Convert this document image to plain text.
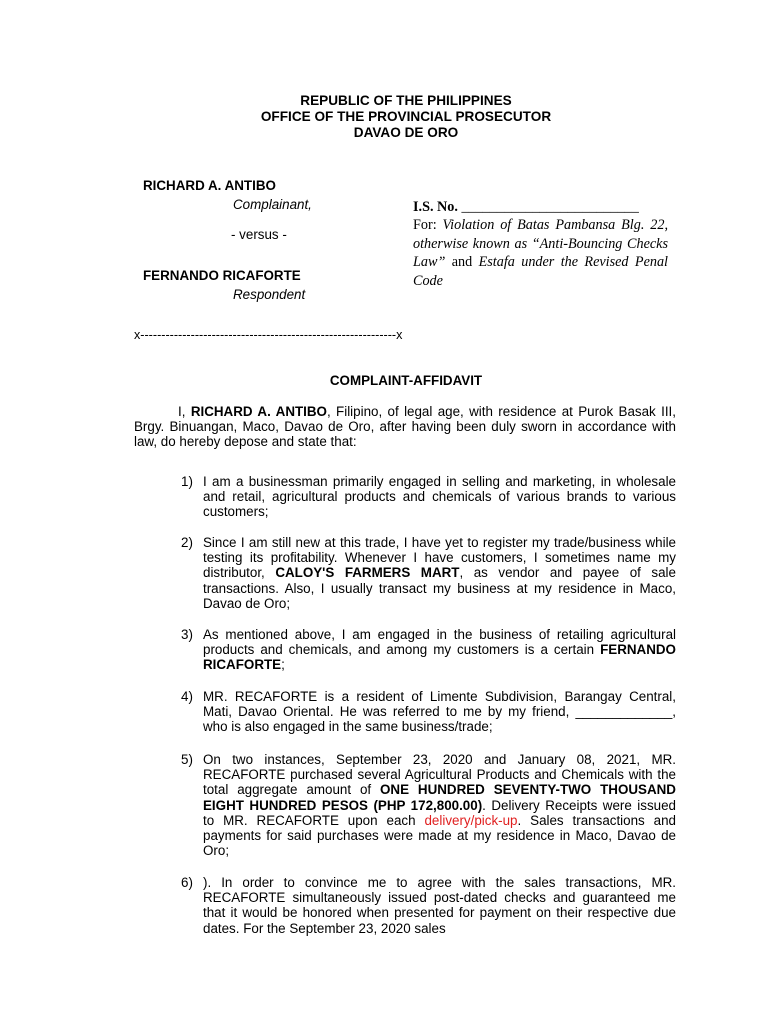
REPUBLIC OF THE PHILIPPINES
OFFICE OF THE PROVINCIAL PROSECUTOR
DAVAO DE ORO
RICHARD A. ANTIBO
Complainant,
- versus -
FERNANDO RICAFORTE
Respondent
I.S. No. _________________________
For: Violation of Batas Pambansa Blg. 22, otherwise known as “Anti-Bouncing Checks Law” and Estafa under the Revised Penal Code
x-------------------------------------------------------------x
COMPLAINT-AFFIDAVIT
I, RICHARD A. ANTIBO, Filipino, of legal age, with residence at Purok Basak III, Brgy. Binuangan, Maco, Davao de Oro, after having been duly sworn in accordance with law, do hereby depose and state that:
1) I am a businessman primarily engaged in selling and marketing, in wholesale and retail, agricultural products and chemicals of various brands to various customers;
2) Since I am still new at this trade, I have yet to register my trade/business while testing its profitability. Whenever I have customers, I sometimes name my distributor, CALOY'S FARMERS MART, as vendor and payee of sale transactions. Also, I usually transact my business at my residence in Maco, Davao de Oro;
3) As mentioned above, I am engaged in the business of retailing agricultural products and chemicals, and among my customers is a certain FERNANDO RICAFORTE;
4) MR. RECAFORTE is a resident of Limente Subdivision, Barangay Central, Mati, Davao Oriental. He was referred to me by my friend, _____________, who is also engaged in the same business/trade;
5) On two instances, September 23, 2020 and January 08, 2021, MR. RECAFORTE purchased several Agricultural Products and Chemicals with the total aggregate amount of ONE HUNDRED SEVENTY-TWO THOUSAND EIGHT HUNDRED PESOS (PHP 172,800.00). Delivery Receipts were issued to MR. RECAFORTE upon each delivery/pick-up. Sales transactions and payments for said purchases were made at my residence in Maco, Davao de Oro;
6) ). In order to convince me to agree with the sales transactions, MR. RECAFORTE simultaneously issued post-dated checks and guaranteed me that it would be honored when presented for payment on their respective due dates. For the September 23, 2020 sales
